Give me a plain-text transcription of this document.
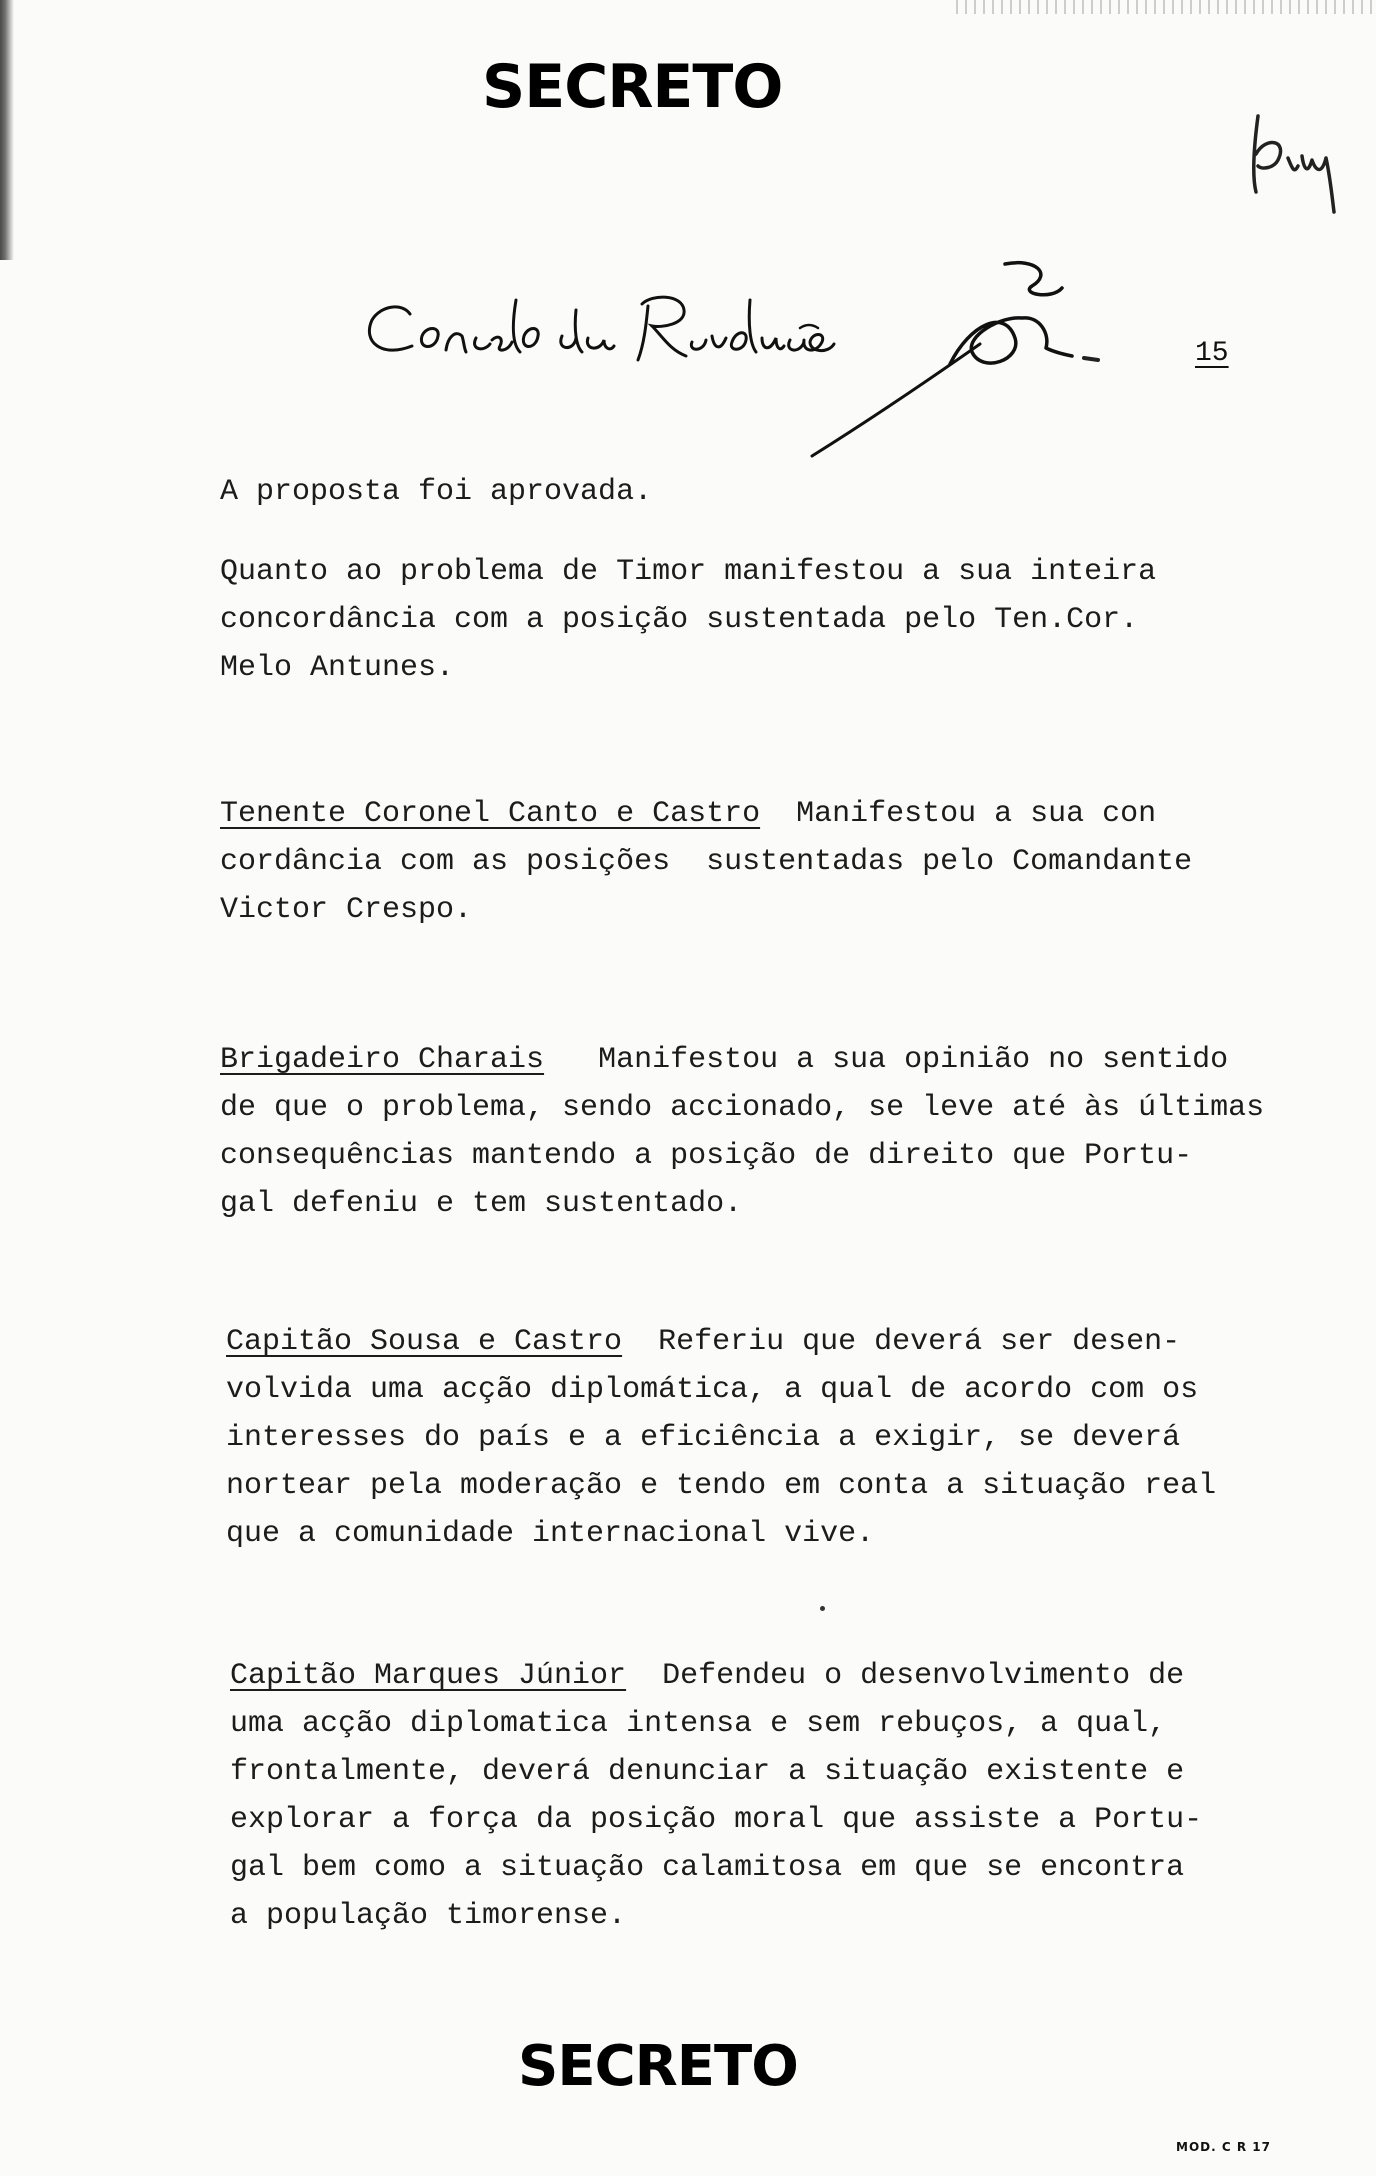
SECRETO
15
A proposta foi aprovada.
Quanto ao problema de Timor manifestou a sua inteira
concordância com a posição sustentada pelo Ten.Cor.
Melo Antunes.
Tenente Coronel Canto e Castro Manifestou a sua con
cordância com as posições  sustentadas pelo Comandante
Victor Crespo.
Brigadeiro Charais Manifestou a sua opinião no sentido
de que o problema, sendo accionado, se leve até às últimas
consequências mantendo a posição de direito que Portu-
gal defeniu e tem sustentado.
Capitão Sousa e Castro Referiu que deverá ser desen-
volvida uma acção diplomática, a qual de acordo com os
interesses do país e a eficiência a exigir, se deverá
nortear pela moderação e tendo em conta a situação real
que a comunidade internacional vive.
Capitão Marques Júnior Defendeu o desenvolvimento de
uma acção diplomatica intensa e sem rebuços, a qual,
frontalmente, deverá denunciar a situação existente e
explorar a força da posição moral que assiste a Portu-
gal bem como a situação calamitosa em que se encontra
a população timorense.
SECRETO
MOD. C R 17
